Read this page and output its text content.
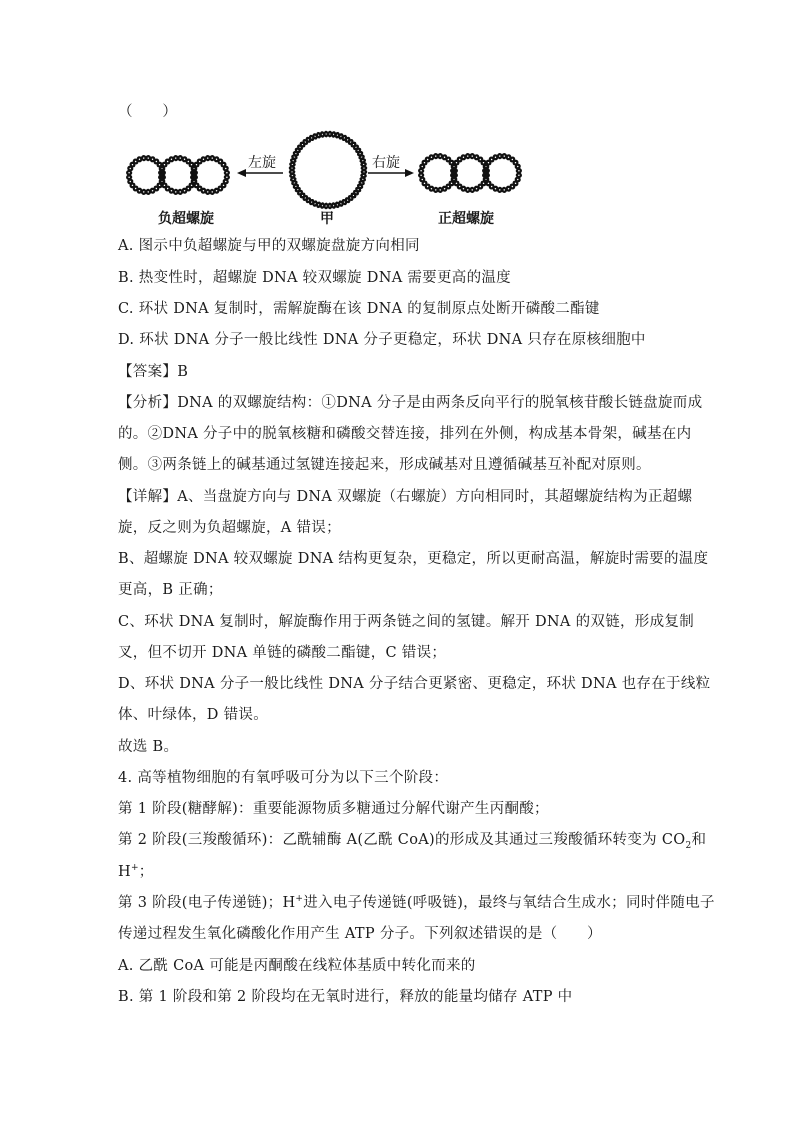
（　　）
左旋	右旋
负超螺旋	甲	正超螺旋
A. 图示中负超螺旋与甲的双螺旋盘旋方向相同
B. 热变性时，超螺旋 DNA 较双螺旋 DNA 需要更高的温度
C. 环状 DNA 复制时，需解旋酶在该 DNA 的复制原点处断开磷酸二酯键
D. 环状 DNA 分子一般比线性 DNA 分子更稳定，环状 DNA 只存在原核细胞中
【答案】B
【分析】DNA 的双螺旋结构：①DNA 分子是由两条反向平行的脱氧核苷酸长链盘旋而成
的。②DNA 分子中的脱氧核糖和磷酸交替连接，排列在外侧，构成基本骨架，碱基在内
侧。③两条链上的碱基通过氢键连接起来，形成碱基对且遵循碱基互补配对原则。
【详解】A、当盘旋方向与 DNA 双螺旋（右螺旋）方向相同时，其超螺旋结构为正超螺
旋，反之则为负超螺旋，A 错误；
B、超螺旋 DNA 较双螺旋 DNA 结构更复杂，更稳定，所以更耐高温，解旋时需要的温度
更高，B 正确；
C、环状 DNA 复制时，解旋酶作用于两条链之间的氢键。解开 DNA 的双链，形成复制
叉，但不切开 DNA 单链的磷酸二酯键，C 错误；
D、环状 DNA 分子一般比线性 DNA 分子结合更紧密、更稳定，环状 DNA 也存在于线粒
体、叶绿体，D 错误。
故选 B。
4. 高等植物细胞的有氧呼吸可分为以下三个阶段：
第 1 阶段(糖酵解)：重要能源物质多糖通过分解代谢产生丙酮酸；
第 2 阶段(三羧酸循环)：乙酰辅酶 A(乙酰 CoA)的形成及其通过三羧酸循环转变为 $CO_2$和
H+；
第 3 阶段(电子传递链)；H+进入电子传递链(呼吸链)，最终与氧结合生成水；同时伴随电子
传递过程发生氧化磷酸化作用产生 ATP 分子。下列叙述错误的是（　　）
A. 乙酰 CoA 可能是丙酮酸在线粒体基质中转化而来的
B. 第 1 阶段和第 2 阶段均在无氧时进行，释放的能量均储存 ATP 中
